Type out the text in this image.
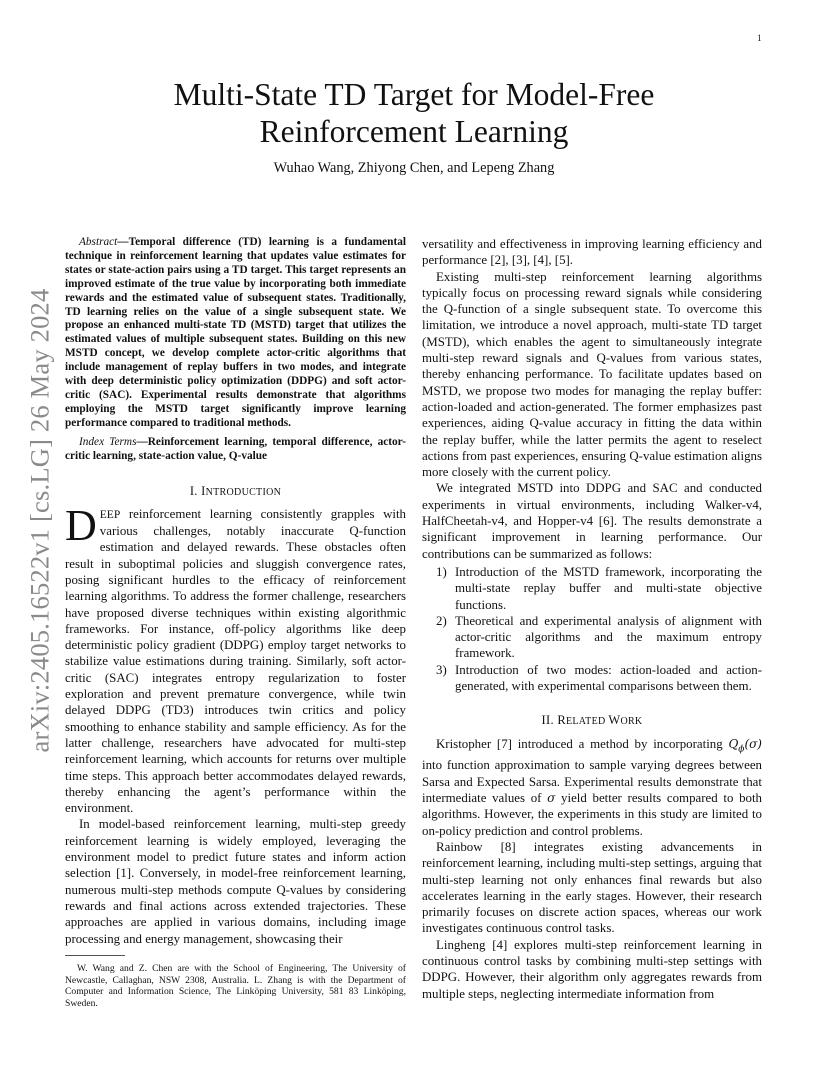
1
arXiv:2405.16522v1 [cs.LG] 26 May 2024
Multi-State TD Target for Model-Free
Reinforcement Learning
Wuhao Wang, Zhiyong Chen, and Lepeng Zhang

Abstract—Temporal difference (TD) learning is a fundamental technique in reinforcement learning that updates value estimates for states or state-action pairs using a TD target. This target represents an improved estimate of the true value by incorporating both immediate rewards and the estimated value of subsequent states. Traditionally, TD learning relies on the value of a single subsequent state. We propose an enhanced multi-state TD (MSTD) target that utilizes the estimated values of multiple subsequent states. Building on this new MSTD concept, we develop complete actor-critic algorithms that include management of replay buffers in two modes, and integrate with deep deterministic policy optimization (DDPG) and soft actor-critic (SAC). Experimental results demonstrate that algorithms employing the MSTD target significantly improve learning performance compared to traditional methods.

Index Terms—Reinforcement learning, temporal difference, actor-critic learning, state-action value, Q-value

I. INTRODUCTION

DEEP reinforcement learning consistently grapples with various challenges, notably inaccurate Q-function estimation and delayed rewards. These obstacles often result in suboptimal policies and sluggish convergence rates, posing significant hurdles to the efficacy of reinforcement learning algorithms. To address the former challenge, researchers have proposed diverse techniques within existing algorithmic frameworks. For instance, off-policy algorithms like deep deterministic policy gradient (DDPG) employ target networks to stabilize value estimations during training. Similarly, soft actor-critic (SAC) integrates entropy regularization to foster exploration and prevent premature convergence, while twin delayed DDPG (TD3) introduces twin critics and policy smoothing to enhance stability and sample efficiency. As for the latter challenge, researchers have advocated for multi-step reinforcement learning, which accounts for returns over multiple time steps. This approach better accommodates delayed rewards, thereby enhancing the agent’s performance within the environment.

In model-based reinforcement learning, multi-step greedy reinforcement learning is widely employed, leveraging the environment model to predict future states and inform action selection [1]. Conversely, in model-free reinforcement learning, numerous multi-step methods compute Q-values by considering rewards and final actions across extended trajectories. These approaches are applied in various domains, including image processing and energy management, showcasing their

versatility and effectiveness in improving learning efficiency and performance [2], [3], [4], [5].

Existing multi-step reinforcement learning algorithms typically focus on processing reward signals while considering the Q-function of a single subsequent state. To overcome this limitation, we introduce a novel approach, multi-state TD target (MSTD), which enables the agent to simultaneously integrate multi-step reward signals and Q-values from various states, thereby enhancing performance. To facilitate updates based on MSTD, we propose two modes for managing the replay buffer: action-loaded and action-generated. The former emphasizes past experiences, aiding Q-value accuracy in fitting the data within the replay buffer, while the latter permits the agent to reselect actions from past experiences, ensuring Q-value estimation aligns more closely with the current policy.

We integrated MSTD into DDPG and SAC and conducted experiments in virtual environments, including Walker-v4, HalfCheetah-v4, and Hopper-v4 [6]. The results demonstrate a significant improvement in learning performance. Our contributions can be summarized as follows:

1) Introduction of the MSTD framework, incorporating the multi-state replay buffer and multi-state objective functions.
2) Theoretical and experimental analysis of alignment with actor-critic algorithms and the maximum entropy framework.
3) Introduction of two modes: action-loaded and action-generated, with experimental comparisons between them.
II. RELATED WORK

Kristopher [7] introduced a method by incorporating $Q_\phi(\sigma)$ into function approximation to sample varying degrees between Sarsa and Expected Sarsa. Experimental results demonstrate that intermediate values of σ yield better results compared to both algorithms. However, the experiments in this study are limited to on-policy prediction and control problems.

Rainbow [8] integrates existing advancements in reinforcement learning, including multi-step settings, arguing that multi-step learning not only enhances final rewards but also accelerates learning in the early stages. However, their research primarily focuses on discrete action spaces, whereas our work investigates continuous control tasks.

Lingheng [4] explores multi-step reinforcement learning in continuous control tasks by combining multi-step settings with DDPG. However, their algorithm only aggregates rewards from multiple steps, neglecting intermediate information from

W. Wang and Z. Chen are with the School of Engineering, The University of Newcastle, Callaghan, NSW 2308, Australia. L. Zhang is with the Department of Computer and Information Science, The Linköping University, 581 83 Linköping, Sweden.
